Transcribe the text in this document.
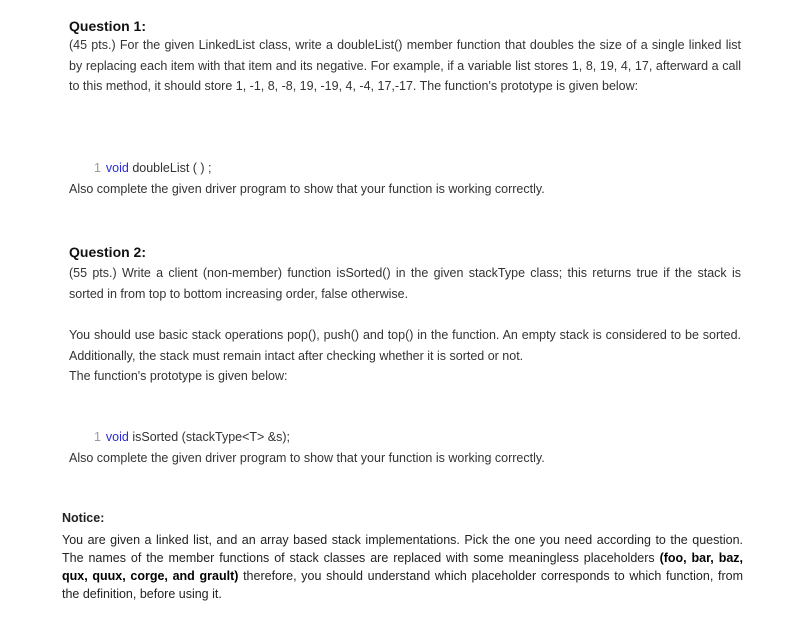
Question 1:
(45 pts.) For the given LinkedList class, write a doubleList() member function that doubles the size of a single linked list by replacing each item with that item and its negative. For example, if a variable list stores 1, 8, 19, 4, 17, afterward a call to this method, it should store 1, -1, 8, -8, 19, -19, 4, -4, 17,-17. The function's prototype is given below:

1 void doubleList ( ) ;

Also complete the given driver program to show that your function is working correctly.
Question 2:
(55 pts.) Write a client (non-member) function isSorted() in the given stackType class; this returns true if the stack is sorted in from top to bottom increasing order, false otherwise.
You should use basic stack operations pop(), push() and top() in the function. An empty stack is considered to be sorted. Additionally, the stack must remain intact after checking whether it is sorted or not.
The function's prototype is given below:

1 void isSorted (stackType<T> &s);

Also complete the given driver program to show that your function is working correctly.
Notice:
You are given a linked list, and an array based stack implementations. Pick the one you need according to the question. The names of the member functions of stack classes are replaced with some meaningless placeholders (foo, bar, baz, qux, quux, corge, and grault) therefore, you should understand which placeholder corresponds to which function, from the definition, before using it.
